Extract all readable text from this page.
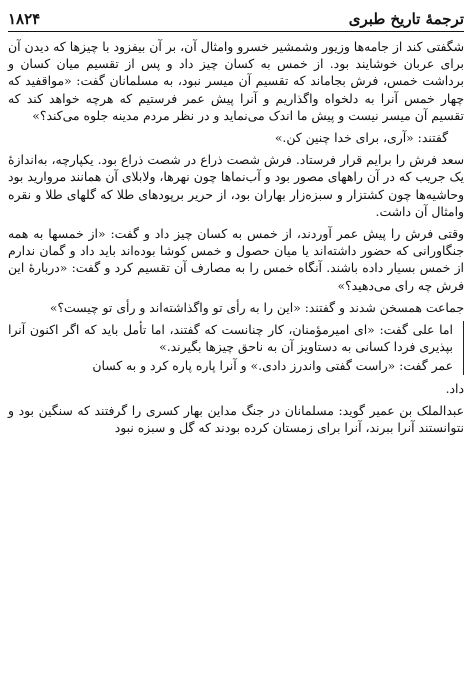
ترجمهٔ تاریخ طبری
۱۸۲۴

شگفتی کند از جامه‌ها وزیور وشمشیر خسرو وامثال آن، بر آن بیفزود با چیزها که دیدن آن برای عربان خوشایند بود. از خمس به کسان چیز داد و پس از تقسیم میان کسان و برداشت خمس، فرش بجاماند که تقسیم آن میسر نبود، به مسلمانان گفت: «مواقفید که چهار خمس آنرا به دلخواه واگذاریم و آنرا پیش عمر فرستیم که هرچه خواهد کند که تقسیم آن میسر نیست و پیش ما اندک می‌نماید و در نظر مردم مدینه جلوه می‌کند؟»

گفتند: «آری، برای خدا چنین کن.»

سعد فرش را برایم قرار فرستاد. فرش شصت ذراع در شصت ذراع بود. یکپارچه، به‌اندازهٔ یک جریب که در آن راههای مصور بود و آب‌نماها چون نهرها، ولابلای آن همانند مروارید بود وحاشیه‌ها چون کشتزار و سبزه‌زار بهاران بود، از حریر برپودهای طلا که گلهای طلا و نقره وامثال آن داشت.

وقتی فرش را پیش عمر آوردند، از خمس به کسان چیز داد و گفت: «از خمسها به همه جنگاورانی که حضور داشته‌اند یا میان حصول و خمس کوشا بوده‌اند باید داد و گمان ندارم از خمس بسیار داده باشند. آنگاه خمس را به مصارف آن تقسیم کرد و گفت: «دربارهٔ این فرش چه رای می‌دهید؟»

جماعت همسخن شدند و گفتند: «این را به رأی تو واگذاشته‌اند و رأی تو چیست؟»

اما علی گفت: «ای امیرمؤمنان، کار چنانست که گفتند، اما تأمل باید که اگر اکنون آنرا بپذیری فردا کسانی به دستاویز آن به ناحق چیزها بگیرند.»

عمر گفت: «راست گفتی واندرز دادی.» و آنرا پاره پاره کرد و به کسان

داد.

عبدالملک بن عمیر گوید: مسلمانان در جنگ مداین بهار کسری را گرفتند که سنگین بود و نتوانستند آنرا ببرند، آنرا برای زمستان کرده بودند که گل و سبزه نبود
